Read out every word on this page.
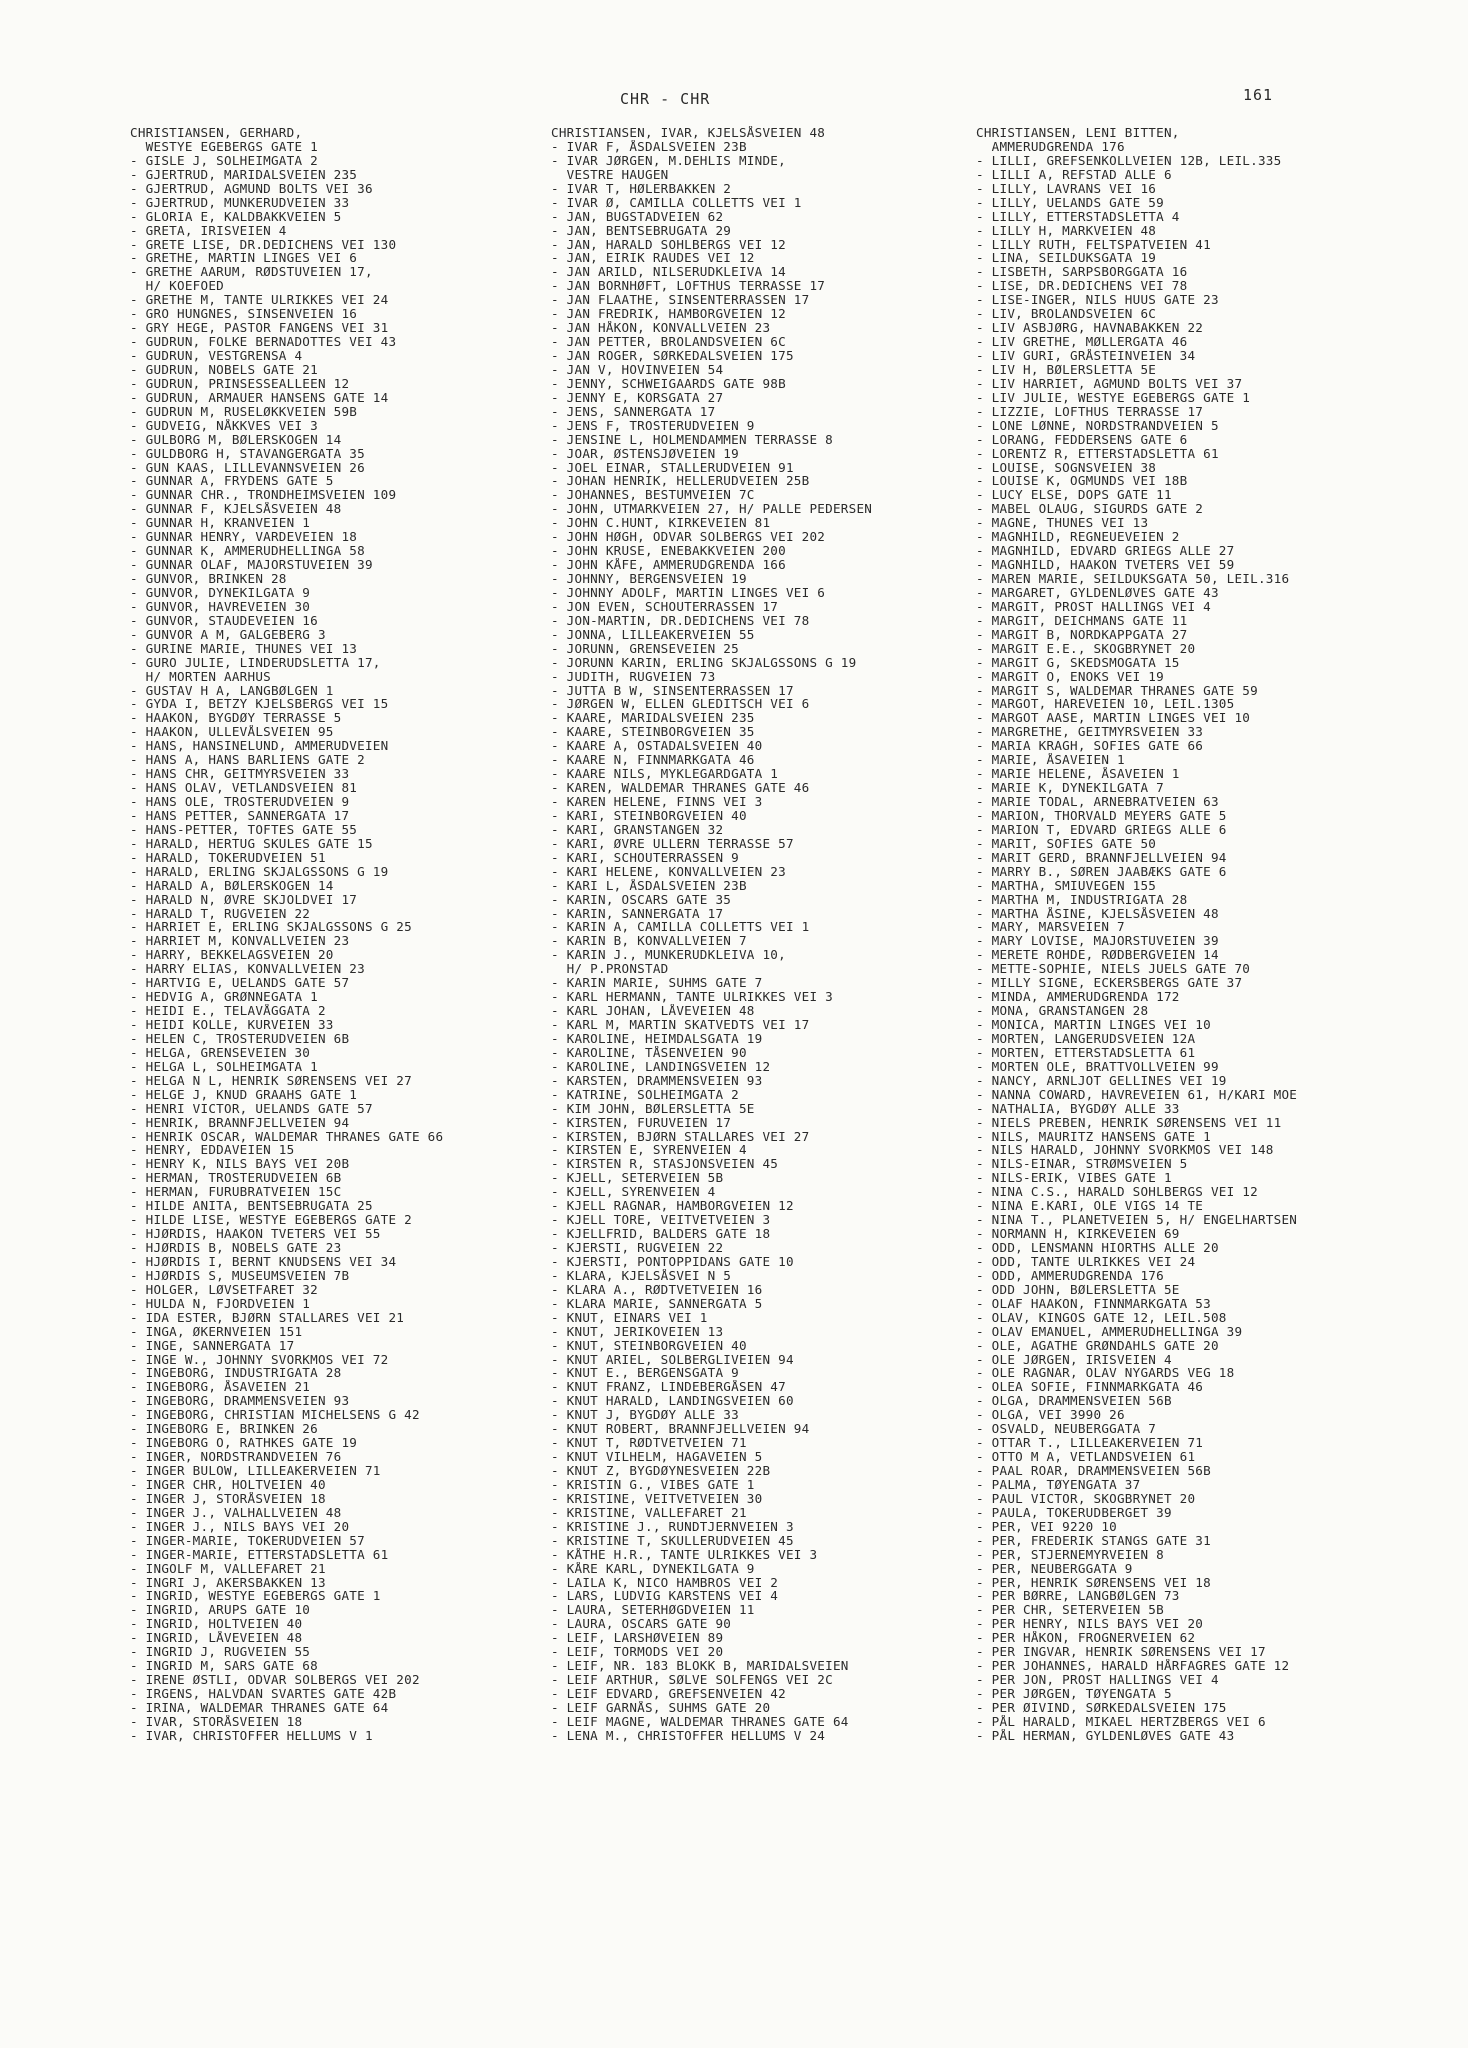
CHR - CHR	161
CHRISTIANSEN, GERHARD,
WESTYE EGEBERGS GATE 1
- GISLE J, SOLHEIMGATA 2
- GJERTRUD, MARIDALSVEIEN 235
- GJERTRUD, AGMUND BOLTS VEI 36
- GJERTRUD, MUNKERUDVEIEN 33
- GLORIA E, KALDBAKKVEIEN 5
- GRETA, IRISVEIEN 4
- GRETE LISE, DR.DEDICHENS VEI 130
- GRETHE, MARTIN LINGES VEI 6
- GRETHE AARUM, RØDSTUVEIEN 17,
H/ KOEFOED
- GRETHE M, TANTE ULRIKKES VEI 24
- GRO HUNGNES, SINSENVEIEN 16
- GRY HEGE, PASTOR FANGENS VEI 31
- GUDRUN, FOLKE BERNADOTTES VEI 43
- GUDRUN, VESTGRENSA 4
- GUDRUN, NOBELS GATE 21
- GUDRUN, PRINSESSEALLEEN 12
- GUDRUN, ARMAUER HANSENS GATE 14
- GUDRUN M, RUSELØKKVEIEN 59B
- GUDVEIG, NÅKKVES VEI 3
- GULBORG M, BØLERSKOGEN 14
- GULDBORG H, STAVANGERGATA 35
- GUN KAAS, LILLEVANNSVEIEN 26
- GUNNAR A, FRYDENS GATE 5
- GUNNAR CHR., TRONDHEIMSVEIEN 109
- GUNNAR F, KJELSÅSVEIEN 48
- GUNNAR H, KRANVEIEN 1
- GUNNAR HENRY, VARDEVEIEN 18
- GUNNAR K, AMMERUDHELLINGA 58
- GUNNAR OLAF, MAJORSTUVEIEN 39
- GUNVOR, BRINKEN 28
- GUNVOR, DYNEKILGATA 9
- GUNVOR, HAVREVEIEN 30
- GUNVOR, STAUDEVEIEN 16
- GUNVOR A M, GALGEBERG 3
- GURINE MARIE, THUNES VEI 13
- GURO JULIE, LINDERUDSLETTA 17,
H/ MORTEN AARHUS
- GUSTAV H A, LANGBØLGEN 1
- GYDA I, BETZY KJELSBERGS VEI 15
- HAAKON, BYGDØY TERRASSE 5
- HAAKON, ULLEVÅLSVEIEN 95
- HANS, HANSINELUND, AMMERUDVEIEN
- HANS A, HANS BARLIENS GATE 2
- HANS CHR, GEITMYRSVEIEN 33
- HANS OLAV, VETLANDSVEIEN 81
- HANS OLE, TROSTERUDVEIEN 9
- HANS PETTER, SANNERGATA 17
- HANS-PETTER, TOFTES GATE 55
- HARALD, HERTUG SKULES GATE 15
- HARALD, TOKERUDVEIEN 51
- HARALD, ERLING SKJALGSSONS G 19
- HARALD A, BØLERSKOGEN 14
- HARALD N, ØVRE SKJOLDVEI 17
- HARALD T, RUGVEIEN 22
- HARRIET E, ERLING SKJALGSSONS G 25
- HARRIET M, KONVALLVEIEN 23
- HARRY, BEKKELAGSVEIEN 20
- HARRY ELIAS, KONVALLVEIEN 23
- HARTVIG E, UELANDS GATE 57
- HEDVIG A, GRØNNEGATA 1
- HEIDI E., TELAVÅGGATA 2
- HEIDI KOLLE, KURVEIEN 33
- HELEN C, TROSTERUDVEIEN 6B
- HELGA, GRENSEVEIEN 30
- HELGA L, SOLHEIMGATA 1
- HELGA N L, HENRIK SØRENSENS VEI 27
- HELGE J, KNUD GRAAHS GATE 1
- HENRI VICTOR, UELANDS GATE 57
- HENRIK, BRANNFJELLVEIEN 94
- HENRIK OSCAR, WALDEMAR THRANES GATE 66
- HENRY, EDDAVEIEN 15
- HENRY K, NILS BAYS VEI 20B
- HERMAN, TROSTERUDVEIEN 6B
- HERMAN, FURUBRATVEIEN 15C
- HILDE ANITA, BENTSEBRUGATA 25
- HILDE LISE, WESTYE EGEBERGS GATE 2
- HJØRDIS, HAAKON TVETERS VEI 55
- HJØRDIS B, NOBELS GATE 23
- HJØRDIS I, BERNT KNUDSENS VEI 34
- HJØRDIS S, MUSEUMSVEIEN 7B
- HOLGER, LØVSETFARET 32
- HULDA N, FJORDVEIEN 1
- IDA ESTER, BJØRN STALLARES VEI 21
- INGA, ØKERNVEIEN 151
- INGE, SANNERGATA 17
- INGE W., JOHNNY SVORKMOS VEI 72
- INGEBORG, INDUSTRIGATA 28
- INGEBORG, ÅSAVEIEN 21
- INGEBORG, DRAMMENSVEIEN 93
- INGEBORG, CHRISTIAN MICHELSENS G 42
- INGEBORG E, BRINKEN 26
- INGEBORG O, RATHKES GATE 19
- INGER, NORDSTRANDVEIEN 76
- INGER BULOW, LILLEAKERVEIEN 71
- INGER CHR, HOLTVEIEN 40
- INGER J, STORÅSVEIEN 18
- INGER J., VALHALLVEIEN 48
- INGER J., NILS BAYS VEI 20
- INGER-MARIE, TOKERUDVEIEN 57
- INGER-MARIE, ETTERSTADSLETTA 61
- INGOLF M, VALLEFARET 21
- INGRI J, AKERSBAKKEN 13
- INGRID, WESTYE EGEBERGS GATE 1
- INGRID, ARUPS GATE 10
- INGRID, HOLTVEIEN 40
- INGRID, LÅVEVEIEN 48
- INGRID J, RUGVEIEN 55
- INGRID M, SARS GATE 68
- IRENE ØSTLI, ODVAR SOLBERGS VEI 202
- IRGENS, HALVDAN SVARTES GATE 42B
- IRINA, WALDEMAR THRANES GATE 64
- IVAR, STORÅSVEIEN 18
- IVAR, CHRISTOFFER HELLUMS V 1
CHRISTIANSEN, IVAR, KJELSÅSVEIEN 48
- IVAR F, ÅSDALSVEIEN 23B
- IVAR JØRGEN, M.DEHLIS MINDE,
VESTRE HAUGEN
- IVAR T, HØLERBAKKEN 2
- IVAR Ø, CAMILLA COLLETTS VEI 1
- JAN, BUGSTADVEIEN 62
- JAN, BENTSEBRUGATA 29
- JAN, HARALD SOHLBERGS VEI 12
- JAN, EIRIK RAUDES VEI 12
- JAN ARILD, NILSERUDKLEIVA 14
- JAN BORNHØFT, LOFTHUS TERRASSE 17
- JAN FLAATHE, SINSENTERRASSEN 17
- JAN FREDRIK, HAMBORGVEIEN 12
- JAN HÅKON, KONVALLVEIEN 23
- JAN PETTER, BROLANDSVEIEN 6C
- JAN ROGER, SØRKEDALSVEIEN 175
- JAN V, HOVINVEIEN 54
- JENNY, SCHWEIGAARDS GATE 98B
- JENNY E, KORSGATA 27
- JENS, SANNERGATA 17
- JENS F, TROSTERUDVEIEN 9
- JENSINE L, HOLMENDAMMEN TERRASSE 8
- JOAR, ØSTENSJØVEIEN 19
- JOEL EINAR, STALLERUDVEIEN 91
- JOHAN HENRIK, HELLERUDVEIEN 25B
- JOHANNES, BESTUMVEIEN 7C
- JOHN, UTMARKVEIEN 27, H/ PALLE PEDERSEN
- JOHN C.HUNT, KIRKEVEIEN 81
- JOHN HØGH, ODVAR SOLBERGS VEI 202
- JOHN KRUSE, ENEBAKKVEIEN 200
- JOHN KÅFE, AMMERUDGRENDA 166
- JOHNNY, BERGENSVEIEN 19
- JOHNNY ADOLF, MARTIN LINGES VEI 6
- JON EVEN, SCHOUTERRASSEN 17
- JON-MARTIN, DR.DEDICHENS VEI 78
- JONNA, LILLEAKERVEIEN 55
- JORUNN, GRENSEVEIEN 25
- JORUNN KARIN, ERLING SKJALGSSONS G 19
- JUDITH, RUGVEIEN 73
- JUTTA B W, SINSENTERRASSEN 17
- JØRGEN W, ELLEN GLEDITSCH VEI 6
- KAARE, MARIDALSVEIEN 235
- KAARE, STEINBORGVEIEN 35
- KAARE A, OSTADALSVEIEN 40
- KAARE N, FINNMARKGATA 46
- KAARE NILS, MYKLEGARDGATA 1
- KAREN, WALDEMAR THRANES GATE 46
- KAREN HELENE, FINNS VEI 3
- KARI, STEINBORGVEIEN 40
- KARI, GRANSTANGEN 32
- KARI, ØVRE ULLERN TERRASSE 57
- KARI, SCHOUTERRASSEN 9
- KARI HELENE, KONVALLVEIEN 23
- KARI L, ÅSDALSVEIEN 23B
- KARIN, OSCARS GATE 35
- KARIN, SANNERGATA 17
- KARIN A, CAMILLA COLLETTS VEI 1
- KARIN B, KONVALLVEIEN 7
- KARIN J., MUNKERUDKLEIVA 10,
H/ P.PRONSTAD
- KARIN MARIE, SUHMS GATE 7
- KARL HERMANN, TANTE ULRIKKES VEI 3
- KARL JOHAN, LÅVEVEIEN 48
- KARL M, MARTIN SKATVEDTS VEI 17
- KAROLINE, HEIMDALSGATA 19
- KAROLINE, TÅSENVEIEN 90
- KAROLINE, LANDINGSVEIEN 12
- KARSTEN, DRAMMENSVEIEN 93
- KATRINE, SOLHEIMGATA 2
- KIM JOHN, BØLERSLETTA 5E
- KIRSTEN, FURUVEIEN 17
- KIRSTEN, BJØRN STALLARES VEI 27
- KIRSTEN E, SYRENVEIEN 4
- KIRSTEN R, STASJONSVEIEN 45
- KJELL, SETERVEIEN 5B
- KJELL, SYRENVEIEN 4
- KJELL RAGNAR, HAMBORGVEIEN 12
- KJELL TORE, VEITVETVEIEN 3
- KJELLFRID, BALDERS GATE 18
- KJERSTI, RUGVEIEN 22
- KJERSTI, PONTOPPIDANS GATE 10
- KLARA, KJELSÅSVEI N 5
- KLARA A., RØDTVETVEIEN 16
- KLARA MARIE, SANNERGATA 5
- KNUT, EINARS VEI 1
- KNUT, JERIKOVEIEN 13
- KNUT, STEINBORGVEIEN 40
- KNUT ARIEL, SOLBERGLIVEIEN 94
- KNUT E., BERGENSGATA 9
- KNUT FRANZ, LINDEBERGÅSEN 47
- KNUT HARALD, LANDINGSVEIEN 60
- KNUT J, BYGDØY ALLE 33
- KNUT ROBERT, BRANNFJELLVEIEN 94
- KNUT T, RØDTVETVEIEN 71
- KNUT VILHELM, HAGAVEIEN 5
- KNUT Z, BYGDØYNESVEIEN 22B
- KRISTIN G., VIBES GATE 1
- KRISTINE, VEITVETVEIEN 30
- KRISTINE, VALLEFARET 21
- KRISTINE J., RUNDTJERNVEIEN 3
- KRISTINE T, SKULLERUDVEIEN 45
- KÅTHE H.R., TANTE ULRIKKES VEI 3
- KÅRE KARL, DYNEKILGATA 9
- LAILA K, NICO HAMBROS VEI 2
- LARS, LUDVIG KARSTENS VEI 4
- LAURA, SETERHØGDVEIEN 11
- LAURA, OSCARS GATE 90
- LEIF, LARSHØVEIEN 89
- LEIF, TORMODS VEI 20
- LEIF, NR. 183 BLOKK B, MARIDALSVEIEN
- LEIF ARTHUR, SØLVE SOLFENGS VEI 2C
- LEIF EDVARD, GREFSENVEIEN 42
- LEIF GARNÅS, SUHMS GATE 20
- LEIF MAGNE, WALDEMAR THRANES GATE 64
- LENA M., CHRISTOFFER HELLUMS V 24
CHRISTIANSEN, LENI BITTEN,
AMMERUDGRENDA 176
- LILLI, GREFSENKOLLVEIEN 12B, LEIL.335
- LILLI A, REFSTAD ALLE 6
- LILLY, LAVRANS VEI 16
- LILLY, UELANDS GATE 59
- LILLY, ETTERSTADSLETTA 4
- LILLY H, MARKVEIEN 48
- LILLY RUTH, FELTSPATVEIEN 41
- LINA, SEILDUKSGATA 19
- LISBETH, SARPSBORGGATA 16
- LISE, DR.DEDICHENS VEI 78
- LISE-INGER, NILS HUUS GATE 23
- LIV, BROLANDSVEIEN 6C
- LIV ASBJØRG, HAVNABAKKEN 22
- LIV GRETHE, MØLLERGATA 46
- LIV GURI, GRÅSTEINVEIEN 34
- LIV H, BØLERSLETTA 5E
- LIV HARRIET, AGMUND BOLTS VEI 37
- LIV JULIE, WESTYE EGEBERGS GATE 1
- LIZZIE, LOFTHUS TERRASSE 17
- LONE LØNNE, NORDSTRANDVEIEN 5
- LORANG, FEDDERSENS GATE 6
- LORENTZ R, ETTERSTADSLETTA 61
- LOUISE, SOGNSVEIEN 38
- LOUISE K, OGMUNDS VEI 18B
- LUCY ELSE, DOPS GATE 11
- MABEL OLAUG, SIGURDS GATE 2
- MAGNE, THUNES VEI 13
- MAGNHILD, REGNEUEVEIEN 2
- MAGNHILD, EDVARD GRIEGS ALLE 27
- MAGNHILD, HAAKON TVETERS VEI 59
- MAREN MARIE, SEILDUKSGATA 50, LEIL.316
- MARGARET, GYLDENLØVES GATE 43
- MARGIT, PROST HALLINGS VEI 4
- MARGIT, DEICHMANS GATE 11
- MARGIT B, NORDKAPPGATA 27
- MARGIT E.E., SKOGBRYNET 20
- MARGIT G, SKEDSMOGATA 15
- MARGIT O, ENOKS VEI 19
- MARGIT S, WALDEMAR THRANES GATE 59
- MARGOT, HAREVEIEN 10, LEIL.1305
- MARGOT AASE, MARTIN LINGES VEI 10
- MARGRETHE, GEITMYRSVEIEN 33
- MARIA KRAGH, SOFIES GATE 66
- MARIE, ÅSAVEIEN 1
- MARIE HELENE, ÅSAVEIEN 1
- MARIE K, DYNEKILGATA 7
- MARIE TODAL, ARNEBRATVEIEN 63
- MARION, THORVALD MEYERS GATE 5
- MARION T, EDVARD GRIEGS ALLE 6
- MARIT, SOFIES GATE 50
- MARIT GERD, BRANNFJELLVEIEN 94
- MARRY B., SØREN JAABÆKS GATE 6
- MARTHA, SMIUVEGEN 155
- MARTHA M, INDUSTRIGATA 28
- MARTHA ÅSINE, KJELSÅSVEIEN 48
- MARY, MARSVEIEN 7
- MARY LOVISE, MAJORSTUVEIEN 39
- MERETE ROHDE, RØDBERGVEIEN 14
- METTE-SOPHIE, NIELS JUELS GATE 70
- MILLY SIGNE, ECKERSBERGS GATE 37
- MINDA, AMMERUDGRENDA 172
- MONA, GRANSTANGEN 28
- MONICA, MARTIN LINGES VEI 10
- MORTEN, LANGERUDSVEIEN 12A
- MORTEN, ETTERSTADSLETTA 61
- MORTEN OLE, BRATTVOLLVEIEN 99
- NANCY, ARNLJOT GELLINES VEI 19
- NANNA COWARD, HAVREVEIEN 61, H/KARI MOE
- NATHALIA, BYGDØY ALLE 33
- NIELS PREBEN, HENRIK SØRENSENS VEI 11
- NILS, MAURITZ HANSENS GATE 1
- NILS HARALD, JOHNNY SVORKMOS VEI 148
- NILS-EINAR, STRØMSVEIEN 5
- NILS-ERIK, VIBES GATE 1
- NINA C.S., HARALD SOHLBERGS VEI 12
- NINA E.KARI, OLE VIGS 14 TE
- NINA T., PLANETVEIEN 5, H/ ENGELHARTSEN
- NORMANN H, KIRKEVEIEN 69
- ODD, LENSMANN HIORTHS ALLE 20
- ODD, TANTE ULRIKKES VEI 24
- ODD, AMMERUDGRENDA 176
- ODD JOHN, BØLERSLETTA 5E
- OLAF HAAKON, FINNMARKGATA 53
- OLAV, KINGOS GATE 12, LEIL.508
- OLAV EMANUEL, AMMERUDHELLINGA 39
- OLE, AGATHE GRØNDAHLS GATE 20
- OLE JØRGEN, IRISVEIEN 4
- OLE RAGNAR, OLAV NYGARDS VEG 18
- OLEA SOFIE, FINNMARKGATA 46
- OLGA, DRAMMENSVEIEN 56B
- OLGA, VEI 3990 26
- OSVALD, NEUBERGGATA 7
- OTTAR T., LILLEAKERVEIEN 71
- OTTO M A, VETLANDSVEIEN 61
- PAAL ROAR, DRAMMENSVEIEN 56B
- PALMA, TØYENGATA 37
- PAUL VICTOR, SKOGBRYNET 20
- PAULA, TOKERUDBERGET 39
- PER, VEI 9220 10
- PER, FREDERIK STANGS GATE 31
- PER, STJERNEMYRVEIEN 8
- PER, NEUBERGGATA 9
- PER, HENRIK SØRENSENS VEI 18
- PER BØRRE, LANGBØLGEN 73
- PER CHR, SETERVEIEN 5B
- PER HENRY, NILS BAYS VEI 20
- PER HÅKON, FROGNERVEIEN 62
- PER INGVAR, HENRIK SØRENSENS VEI 17
- PER JOHANNES, HARALD HÅRFAGRES GATE 12
- PER JON, PROST HALLINGS VEI 4
- PER JØRGEN, TØYENGATA 5
- PER ØIVIND, SØRKEDALSVEIEN 175
- PÅL HARALD, MIKAEL HERTZBERGS VEI 6
- PÅL HERMAN, GYLDENLØVES GATE 43
